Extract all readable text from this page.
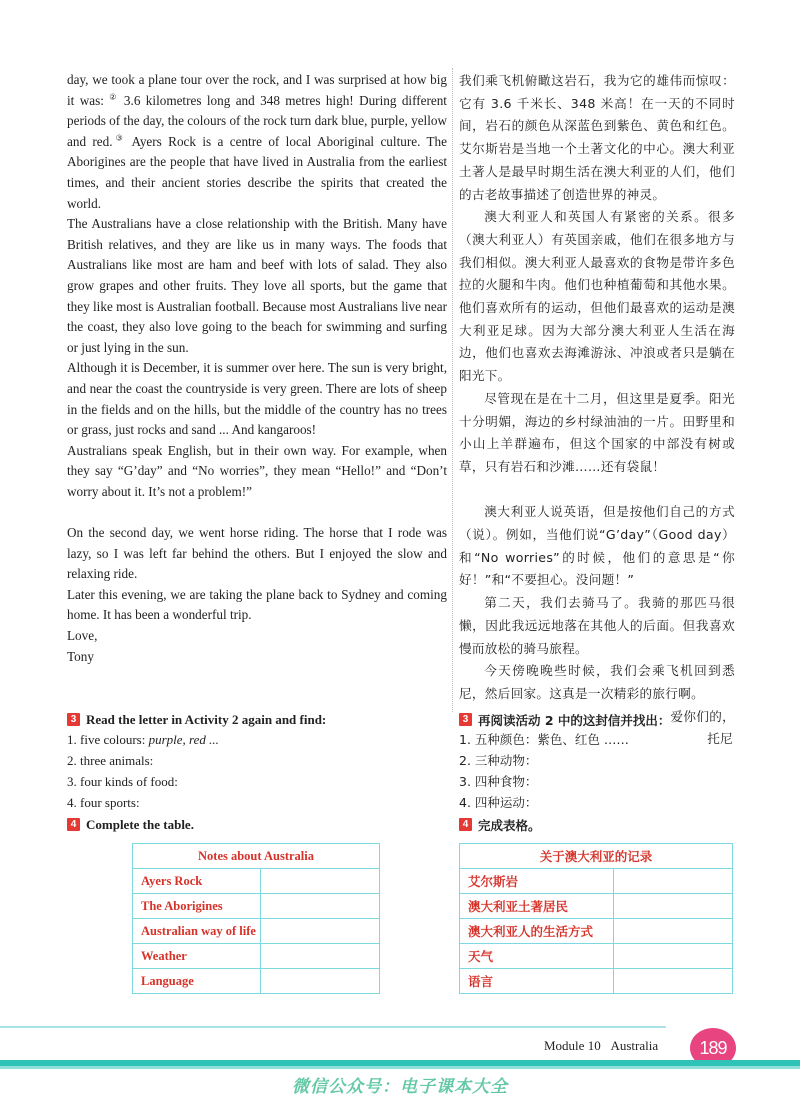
day, we took a plane tour over the rock, and I was surprised at how big it was: ② 3.6 kilometres long and 348 metres high! During different periods of the day, the colours of the rock turn dark blue, purple, yellow and red.③ Ayers Rock is a centre of local Aboriginal culture. The Aborigines are the people that have lived in Australia from the earliest times, and their ancient stories describe the spirits that created the world.

The Australians have a close relationship with the British. Many have British relatives, and they are like us in many ways. The foods that Australians like most are ham and beef with lots of salad. They also grow grapes and other fruits. They love all sports, but the game that they like most is Australian football. Because most Australians live near the coast, they also love going to the beach for swimming and surfing or just lying in the sun.

Although it is December, it is summer over here. The sun is very bright, and near the coast the countryside is very green. There are lots of sheep in the fields and on the hills, but the middle of the country has no trees or grass, just rocks and sand ... And kangaroos!

Australians speak English, but in their own way. For example, when they say “G’day” and “No worries”, they mean “Hello!” and “Don’t worry about it. It’s not a problem!”

On the second day, we went horse riding. The horse that I rode was lazy, so I was left far behind the others. But I enjoyed the slow and relaxing ride.

Later this evening, we are taking the plane back to Sydney and coming home. It has been a wonderful trip.

Love,

Tony

我们乘飞机俯瞰这岩石，我为它的雄伟而惊叹：它有 3.6 千米长、348 米高！在一天的不同时间，岩石的颜色从深蓝色到紫色、黄色和红色。艾尔斯岩是当地一个土著文化的中心。澳大利亚土著人是最早时期生活在澳大利亚的人们，他们的古老故事描述了创造世界的神灵。

澳大利亚人和英国人有紧密的关系。很多（澳大利亚人）有英国亲戚，他们在很多地方与我们相似。澳大利亚人最喜欢的食物是带许多色拉的火腿和牛肉。他们也种植葡萄和其他水果。他们喜欢所有的运动，但他们最喜欢的运动是澳大利亚足球。因为大部分澳大利亚人生活在海边，他们也喜欢去海滩游泳、冲浪或者只是躺在阳光下。

尽管现在是在十二月，但这里是夏季。阳光十分明媚，海边的乡村绿油油的一片。田野里和小山上羊群遍布，但这个国家的中部没有树或草，只有岩石和沙滩……还有袋鼠！

澳大利亚人说英语，但是按他们自己的方式（说）。例如，当他们说“G’day”（Good day）和“No worries”的时候，他们的意思是“你好！”和“不要担心。没问题！”

第二天，我们去骑马了。我骑的那匹马很懒，因此我远远地落在其他人的后面。但我喜欢慢而放松的骑马旅程。

今天傍晚晚些时候，我们会乘飞机回到悉尼，然后回家。这真是一次精彩的旅行啊。

爱你们的，

托尼

3 Read the letter in Activity 2 again and find:
1. five colours: purple, red ...
2. three animals:
3. four kinds of food:
4. four sports:
3 再阅读活动 2 中的这封信并找出：
1. 五种颜色：紫色、红色 ……
2. 三种动物：
3. 四种食物：
4. 四种运动：
4 Complete the table.	4 完成表格。
Notes about Australia	
Ayers Rock	
The Aborigines	
Australian way of life	
Weather	
Language	
关于澳大利亚的记录	
艾尔斯岩	
澳大利亚土著居民	
澳大利亚人的生活方式	
天气	
语言	
Module 10 Australia	189
微信公众号：电子课本大全
